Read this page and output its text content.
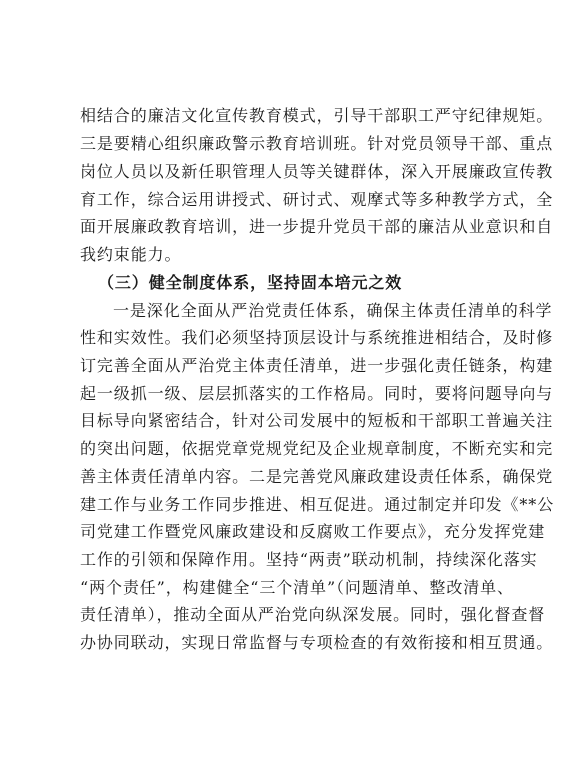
相结合的廉洁文化宣传教育模式，引导干部职工严守纪律规矩。
三是要精心组织廉政警示教育培训班。针对党员领导干部、重点
岗位人员以及新任职管理人员等关键群体，深入开展廉政宣传教
育工作，综合运用讲授式、研讨式、观摩式等多种教学方式，全
面开展廉政教育培训，进一步提升党员干部的廉洁从业意识和自
我约束能力。
（三）健全制度体系，坚持固本培元之效
一是深化全面从严治党责任体系，确保主体责任清单的科学
性和实效性。我们必须坚持顶层设计与系统推进相结合，及时修
订完善全面从严治党主体责任清单，进一步强化责任链条，构建
起一级抓一级、层层抓落实的工作格局。同时，要将问题导向与
目标导向紧密结合，针对公司发展中的短板和干部职工普遍关注
的突出问题，依据党章党规党纪及企业规章制度，不断充实和完
善主体责任清单内容。二是完善党风廉政建设责任体系，确保党
建工作与业务工作同步推进、相互促进。通过制定并印发《**公
司党建工作暨党风廉政建设和反腐败工作要点》，充分发挥党建
工作的引领和保障作用。坚持“两责”联动机制，持续深化落实
“两个责任”，构建健全“三个清单”（问题清单、整改清单、
责任清单），推动全面从严治党向纵深发展。同时，强化督查督
办协同联动，实现日常监督与专项检查的有效衔接和相互贯通。
